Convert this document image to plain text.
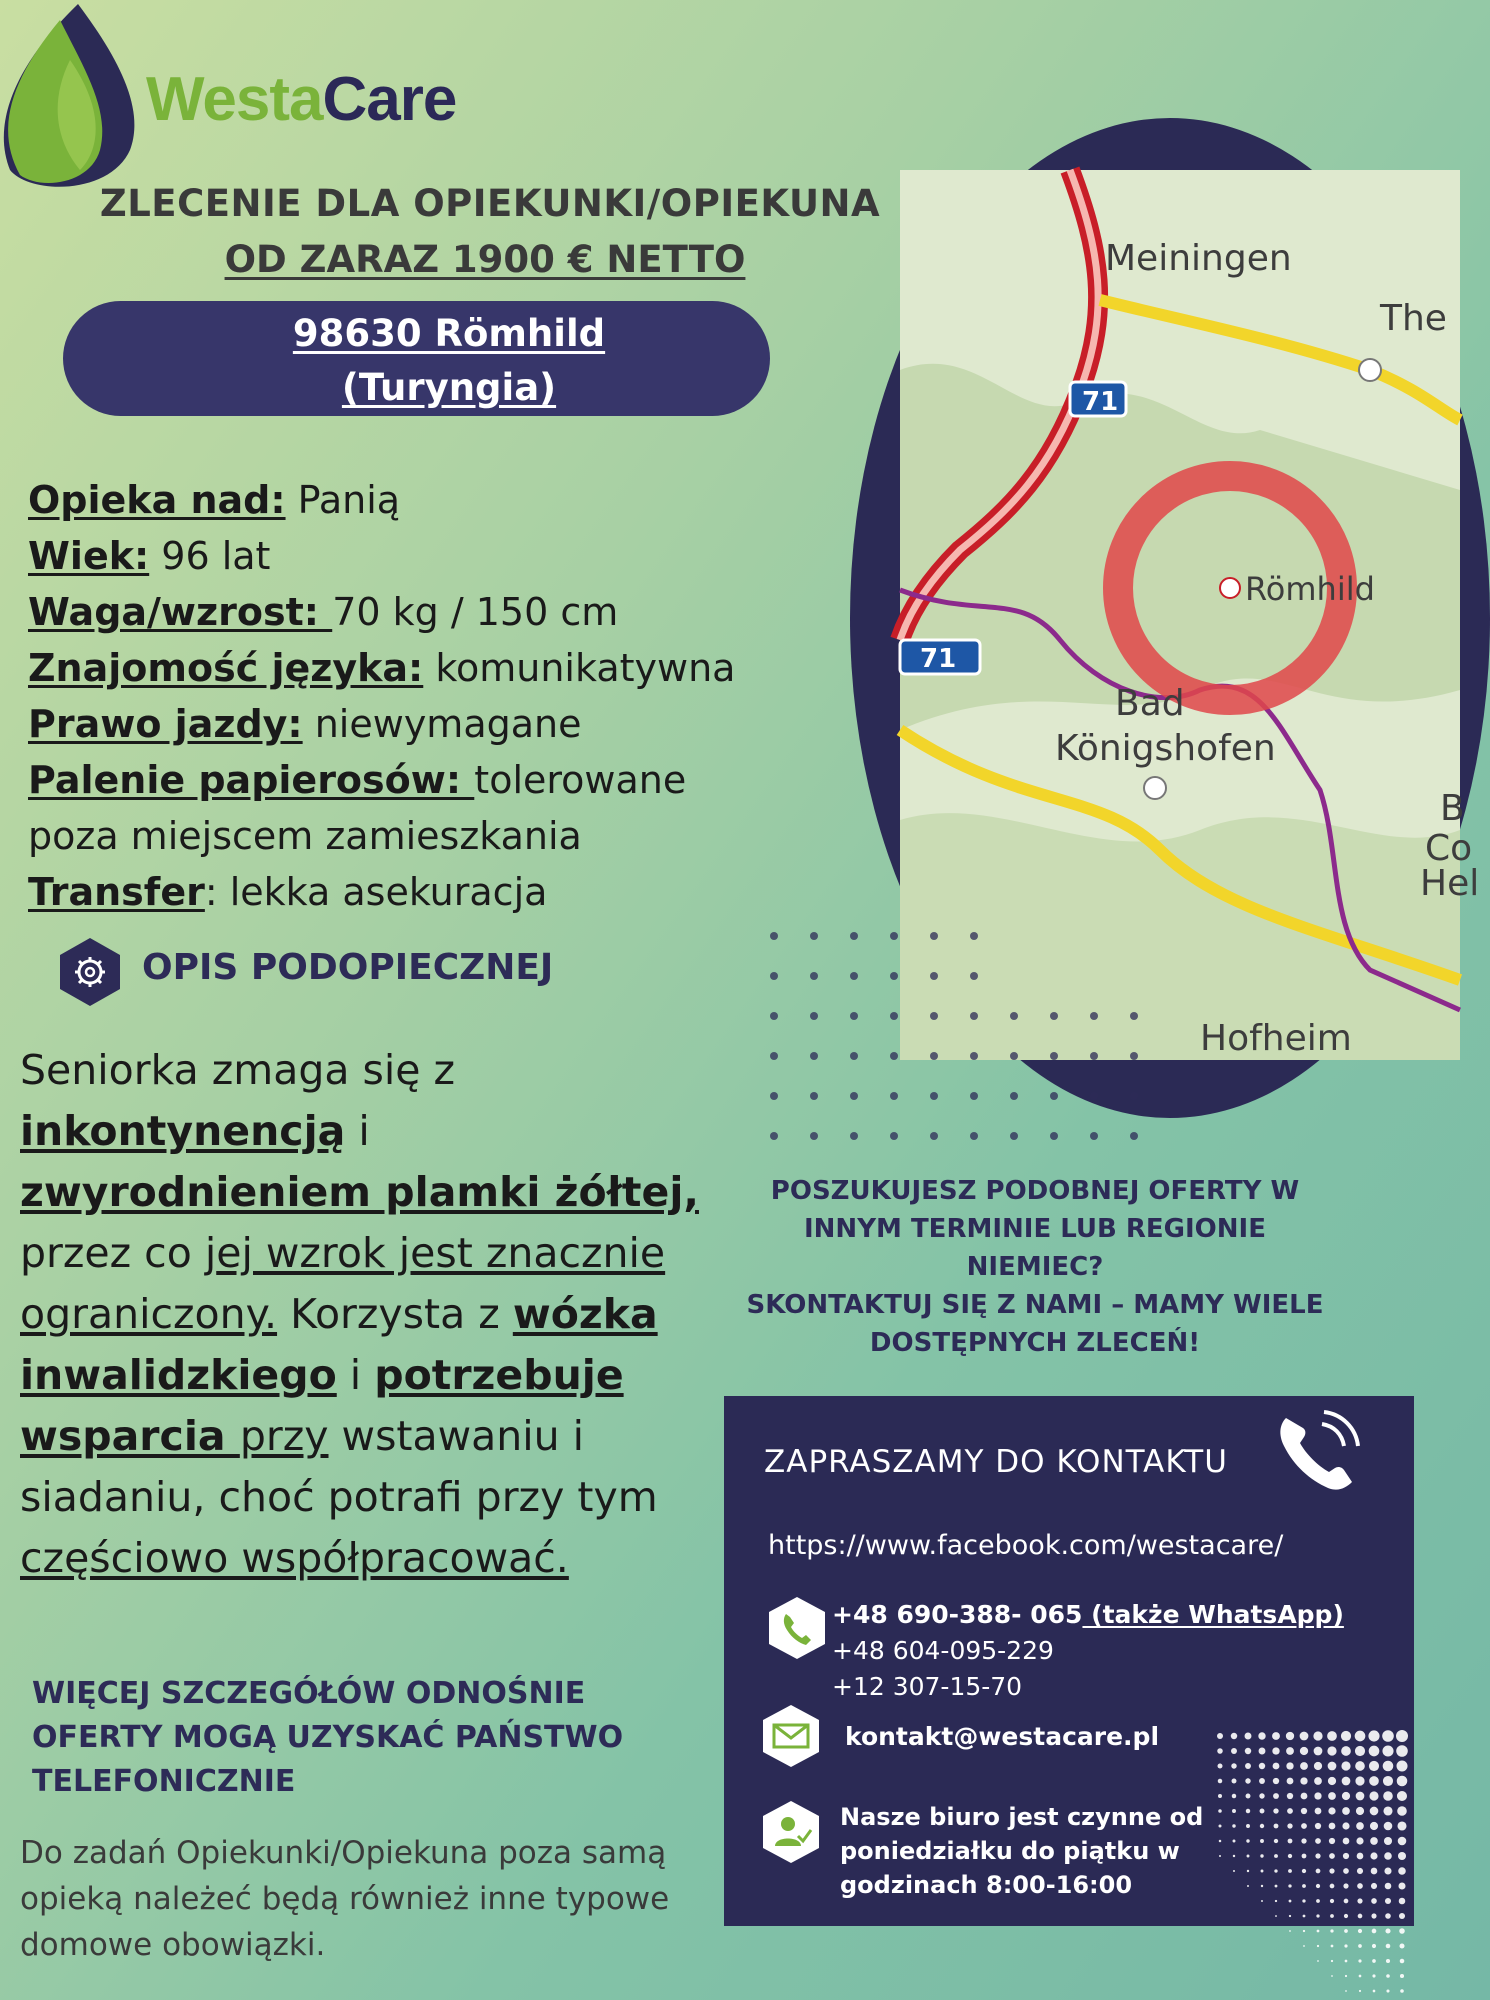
WestaCare
ZLECENIE DLA OPIEKUNKI/OPIEKUNA
OD ZARAZ 1900 € NETTO
98630 Römhild
(Turyngia)
Opieka nad: Panią
Wiek: 96 lat
Waga/wzrost: 70 kg / 150 cm
Znajomość języka: komunikatywna
Prawo jazdy: niewymagane
Palenie papierosów: tolerowane
poza miejscem zamieszkania
Transfer: lekka asekuracja
OPIS PODOPIECZNEJ
Seniorka zmaga się z inkontynencją i zwyrodnieniem plamki żółtej, przez co jej wzrok jest znacznie ograniczony. Korzysta z wózka inwalidzkiego i potrzebuje wsparcia przy wstawaniu i siadaniu, choć potrafi przy tym częściowo współpracować.
WIĘCEJ SZCZEGÓŁÓW ODNOŚNIE OFERTY MOGĄ UZYSKAĆ PAŃSTWO TELEFONICZNIE
Do zadań Opiekunki/Opiekuna poza samą opieką należeć będą również inne typowe domowe obowiązki.
Meiningen
The
71
71
Römhild
Bad
Königshofen
B
Co
Hel
Hofheim
POSZUKUJESZ PODOBNEJ OFERTY W INNYM TERMINIE LUB REGIONIE NIEMIEC?
SKONTAKTUJ SIĘ Z NAMI – MAMY WIELE DOSTĘPNYCH ZLECEŃ!
ZAPRASZAMY DO KONTAKTU
https://www.facebook.com/westacare/
+48 690-388- 065 (także WhatsApp)
+48 604-095-229
+12 307-15-70
kontakt@westacare.pl
Nasze biuro jest czynne od poniedziałku do piątku w godzinach 8:00-16:00
